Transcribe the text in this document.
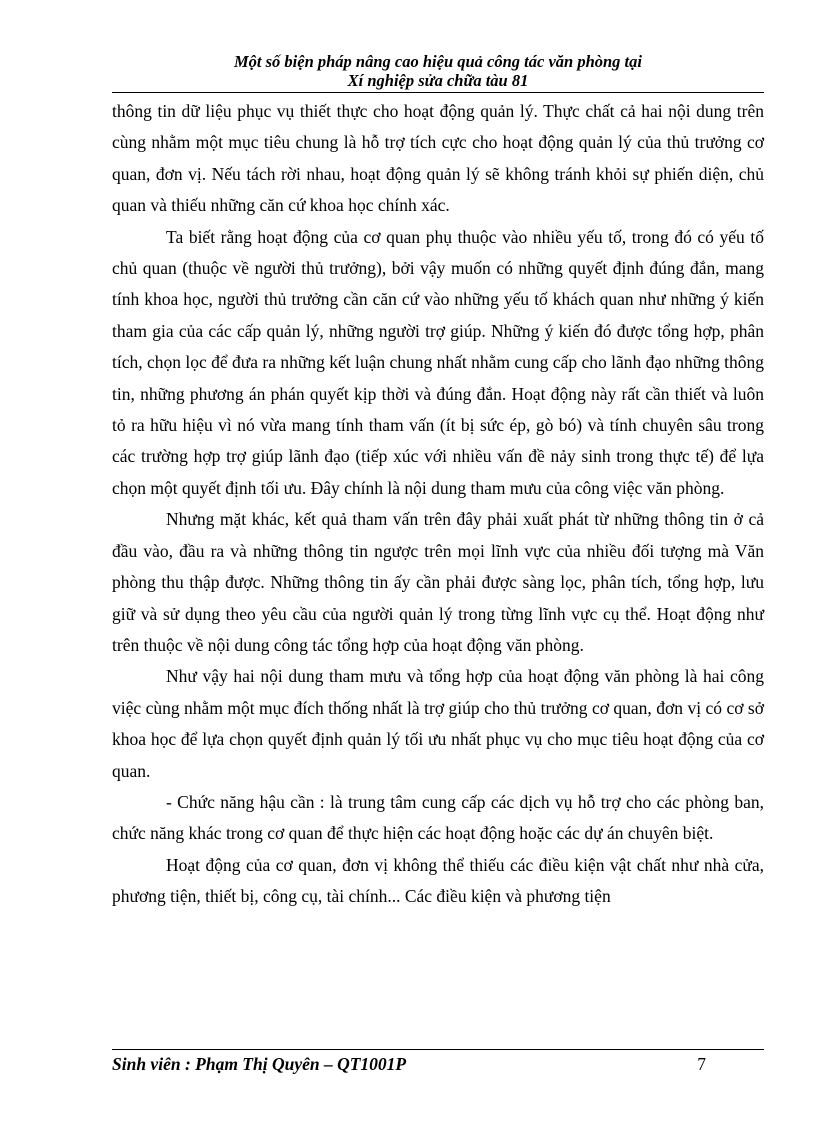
Một số biện pháp nâng cao hiệu quả công tác văn phòng tại
Xí nghiệp sửa chữa tàu 81

thông tin dữ liệu phục vụ thiết thực cho hoạt động quản lý. Thực chất cả hai nội dung trên cùng nhằm một mục tiêu chung là hỗ trợ tích cực cho hoạt động quản lý của thủ trưởng cơ quan, đơn vị. Nếu tách rời nhau, hoạt động quản lý sẽ không tránh khỏi sự phiến diện, chủ quan và thiếu những căn cứ khoa học chính xác.

Ta biết rằng hoạt động của cơ quan phụ thuộc vào nhiều yếu tố, trong đó có yếu tố chủ quan (thuộc về người thủ trưởng), bởi vậy muốn có những quyết định đúng đắn, mang tính khoa học, người thủ trưởng cần căn cứ vào những yếu tố khách quan như những ý kiến tham gia của các cấp quản lý, những người trợ giúp. Những ý kiến đó được tổng hợp, phân tích, chọn lọc để đưa ra những kết luận chung nhất nhằm cung cấp cho lãnh đạo những thông tin, những phương án phán quyết kịp thời và đúng đắn. Hoạt động này rất cần thiết và luôn tỏ ra hữu hiệu vì nó vừa mang tính tham vấn (ít bị sức ép, gò bó) và tính chuyên sâu trong các trường hợp trợ giúp lãnh đạo (tiếp xúc với nhiều vấn đề nảy sinh trong thực tế) để lựa chọn một quyết định tối ưu. Đây chính là nội dung tham mưu của công việc văn phòng.

Nhưng mặt khác, kết quả tham vấn trên đây phải xuất phát từ những thông tin ở cả đầu vào, đầu ra và những thông tin ngược trên mọi lĩnh vực của nhiều đối tượng mà Văn phòng thu thập được. Những thông tin ấy cần phải được sàng lọc, phân tích, tổng hợp, lưu giữ và sử dụng theo yêu cầu của người quản lý trong từng lĩnh vực cụ thể. Hoạt động như trên thuộc về nội dung công tác tổng hợp của hoạt động văn phòng.

Như vậy hai nội dung tham mưu và tổng hợp của hoạt động văn phòng là hai công việc cùng nhằm một mục đích thống nhất là trợ giúp cho thủ trưởng cơ quan, đơn vị có cơ sở khoa học để lựa chọn quyết định quản lý tối ưu nhất phục vụ cho mục tiêu hoạt động của cơ quan.

- Chức năng hậu cần : là trung tâm cung cấp các dịch vụ hỗ trợ cho các phòng ban, chức năng khác trong cơ quan để thực hiện các hoạt động hoặc các dự án chuyên biệt.

Hoạt động của cơ quan, đơn vị không thể thiếu các điều kiện vật chất như nhà cửa, phương tiện, thiết bị, công cụ, tài chính... Các điều kiện và phương tiện

Sinh viên : Phạm Thị Quyên – QT1001P	7
